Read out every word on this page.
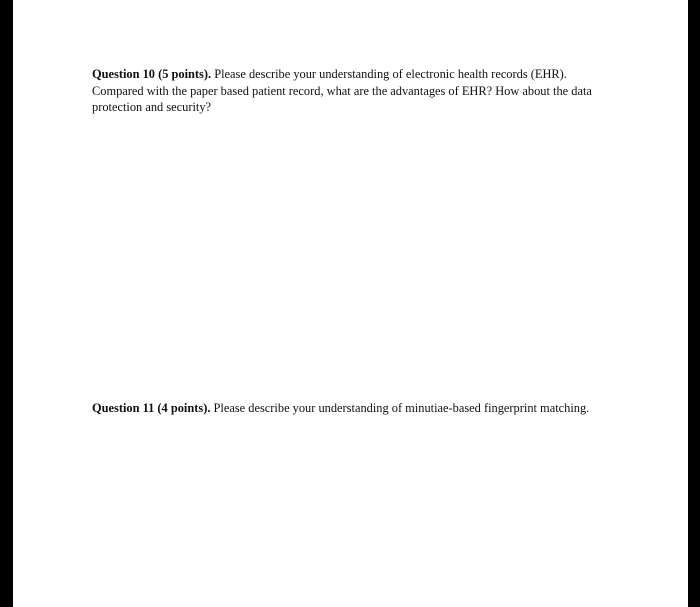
Question 10 (5 points). Please describe your understanding of electronic health records (EHR). Compared with the paper based patient record, what are the advantages of EHR? How about the data protection and security?

Question 11 (4 points). Please describe your understanding of minutiae-based fingerprint matching.
